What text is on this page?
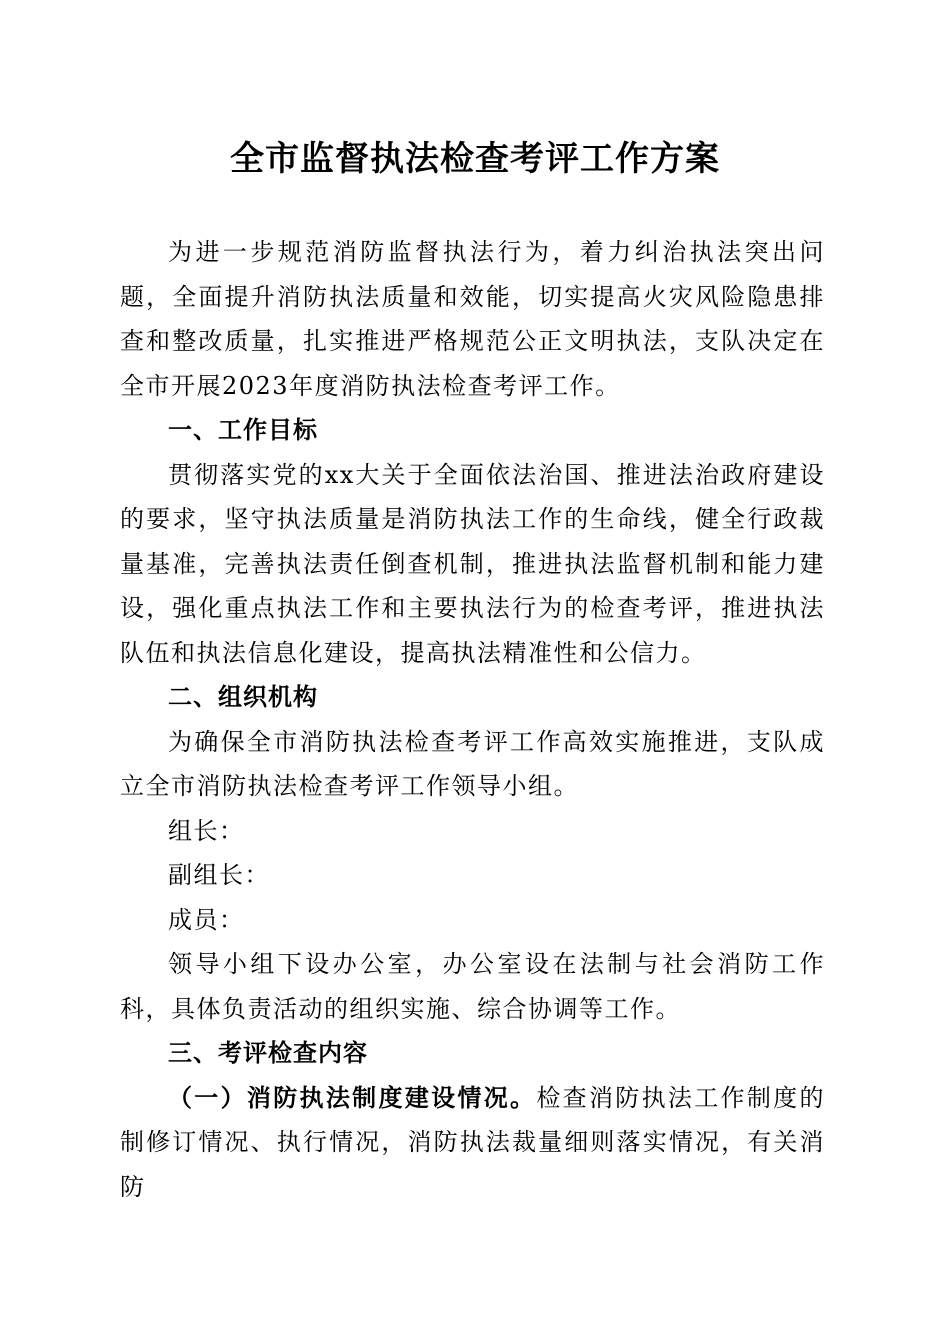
全市监督执法检查考评工作方案

为进一步规范消防监督执法行为，着力纠治执法突出问题，全面提升消防执法质量和效能，切实提高火灾风险隐患排查和整改质量，扎实推进严格规范公正文明执法，支队决定在全市开展2023年度消防执法检查考评工作。

一、工作目标

贯彻落实党的xx大关于全面依法治国、推进法治政府建设的要求，坚守执法质量是消防执法工作的生命线，健全行政裁量基准，完善执法责任倒查机制，推进执法监督机制和能力建设，强化重点执法工作和主要执法行为的检查考评，推进执法队伍和执法信息化建设，提高执法精准性和公信力。

二、组织机构

为确保全市消防执法检查考评工作高效实施推进，支队成立全市消防执法检查考评工作领导小组。

组长：

副组长：

成员：

领导小组下设办公室，办公室设在法制与社会消防工作科，具体负责活动的组织实施、综合协调等工作。

三、考评检查内容

（一）消防执法制度建设情况。检查消防执法工作制度的制修订情况、执行情况，消防执法裁量细则落实情况，有关消防
